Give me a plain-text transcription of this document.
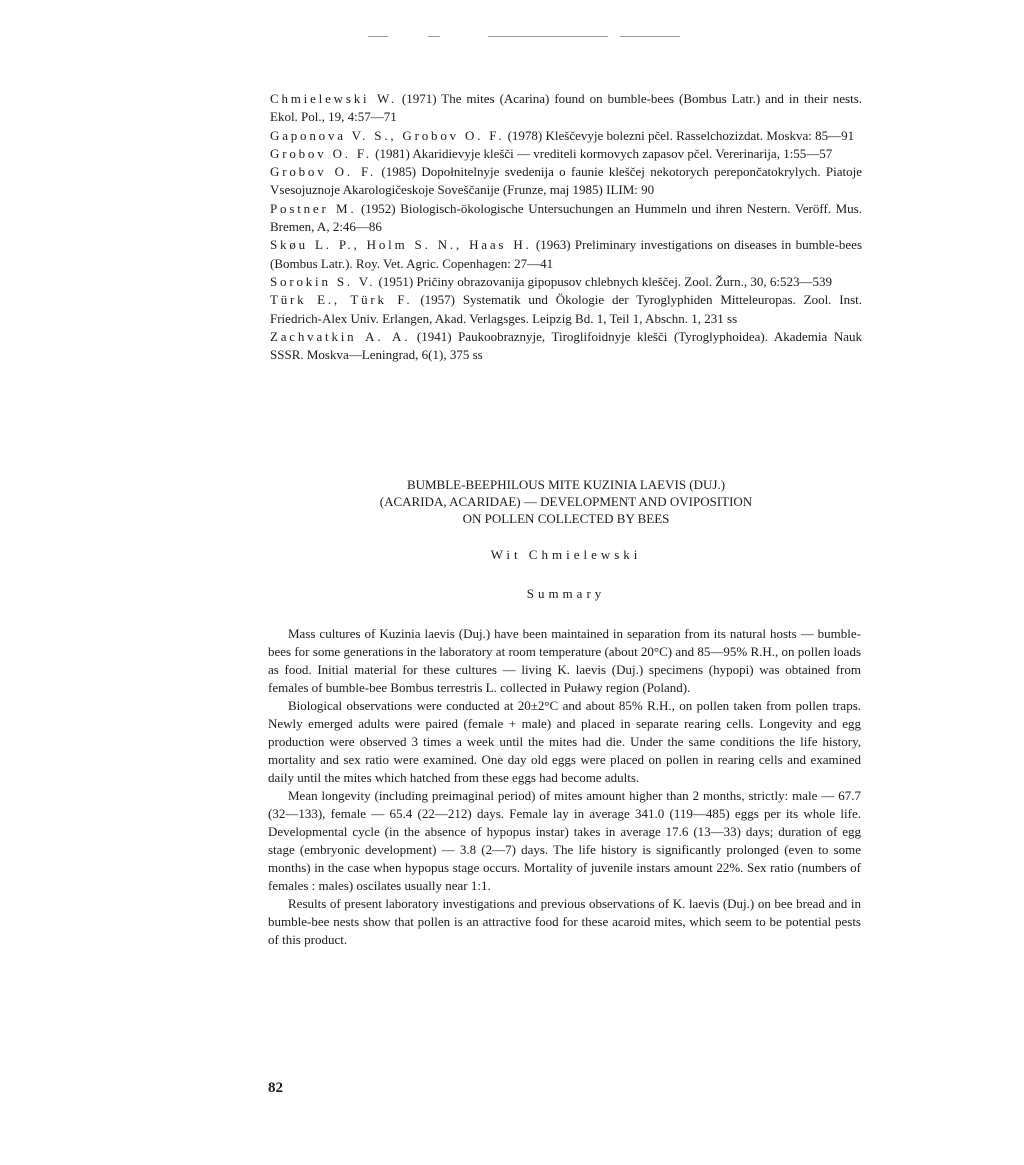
Chmielewski W. (1971) The mites (Acarina) found on bumble-bees (Bombus Latr.) and in their nests. Ekol. Pol., 19, 4:57—71

Gaponova V. S., Grobov O. F. (1978) Kleščevyje bolezni pčel. Rasselchozizdat. Moskva: 85—91

Grobov O. F. (1981) Akaridievyje klešči — vrediteli kormovych zapasov pčel. Vererinarija, 1:55—57

Grobov O. F. (1985) Dopołnitelnyje svedenija o faunie kleščej nekotorych perepončatokrylych. Piatoje Vsesojuznoje Akarologičeskoje Soveščanije (Frunze, maj 1985) ILIM: 90

Postner M. (1952) Biologisch-ökologische Untersuchungen an Hummeln und ihren Nestern. Veröff. Mus. Bremen, A, 2:46—86

Skøu L. P., Holm S. N., Haas H. (1963) Preliminary investigations on diseases in bumble-bees (Bombus Latr.). Roy. Vet. Agric. Copenhagen: 27—41

Sorokin S. V. (1951) Pričiny obrazovanija gipopusov chlebnych kleščej. Zool. Žurn., 30, 6:523—539

Türk E., Türk F. (1957) Systematik und Ökologie der Tyroglyphiden Mitteleuropas. Zool. Inst. Friedrich-Alex Univ. Erlangen, Akad. Verlagsges. Leipzig Bd. 1, Teil 1, Abschn. 1, 231 ss

Zachvatkin A. A. (1941) Paukoobraznyje, Tiroglifoidnyje klešči (Tyroglyphoidea). Akademia Nauk SSSR. Moskva—Leningrad, 6(1), 375 ss

BUMBLE-BEEPHILOUS MITE KUZINIA LAEVIS (DUJ.)
(ACARIDA, ACARIDAE) — DEVELOPMENT AND OVIPOSITION
ON POLLEN COLLECTED BY BEES
Wit Chmielewski
Summary

Mass cultures of Kuzinia laevis (Duj.) have been maintained in separation from its natural hosts — bumble-bees for some generations in the laboratory at room temperature (about 20°C) and 85—95% R.H., on pollen loads as food. Initial material for these cultures — living K. laevis (Duj.) specimens (hypopi) was obtained from females of bumble-bee Bombus terrestris L. collected in Puławy region (Poland).

Biological observations were conducted at 20±2°C and about 85% R.H., on pollen taken from pollen traps. Newly emerged adults were paired (female + male) and placed in separate rearing cells. Longevity and egg production were observed 3 times a week until the mites had die. Under the same conditions the life history, mortality and sex ratio were examined. One day old eggs were placed on pollen in rearing cells and examined daily until the mites which hatched from these eggs had become adults.

Mean longevity (including preimaginal period) of mites amount higher than 2 months, strictly: male — 67.7 (32—133), female — 65.4 (22—212) days. Female lay in average 341.0 (119—485) eggs per its whole life. Developmental cycle (in the absence of hypopus instar) takes in average 17.6 (13—33) days; duration of egg stage (embryonic development) — 3.8 (2—7) days. The life history is significantly prolonged (even to some months) in the case when hypopus stage occurs. Mortality of juvenile instars amount 22%. Sex ratio (numbers of females : males) oscilates usually near 1:1.

Results of present laboratory investigations and previous observations of K. laevis (Duj.) on bee bread and in bumble-bee nests show that pollen is an attractive food for these acaroid mites, which seem to be potential pests of this product.

82
